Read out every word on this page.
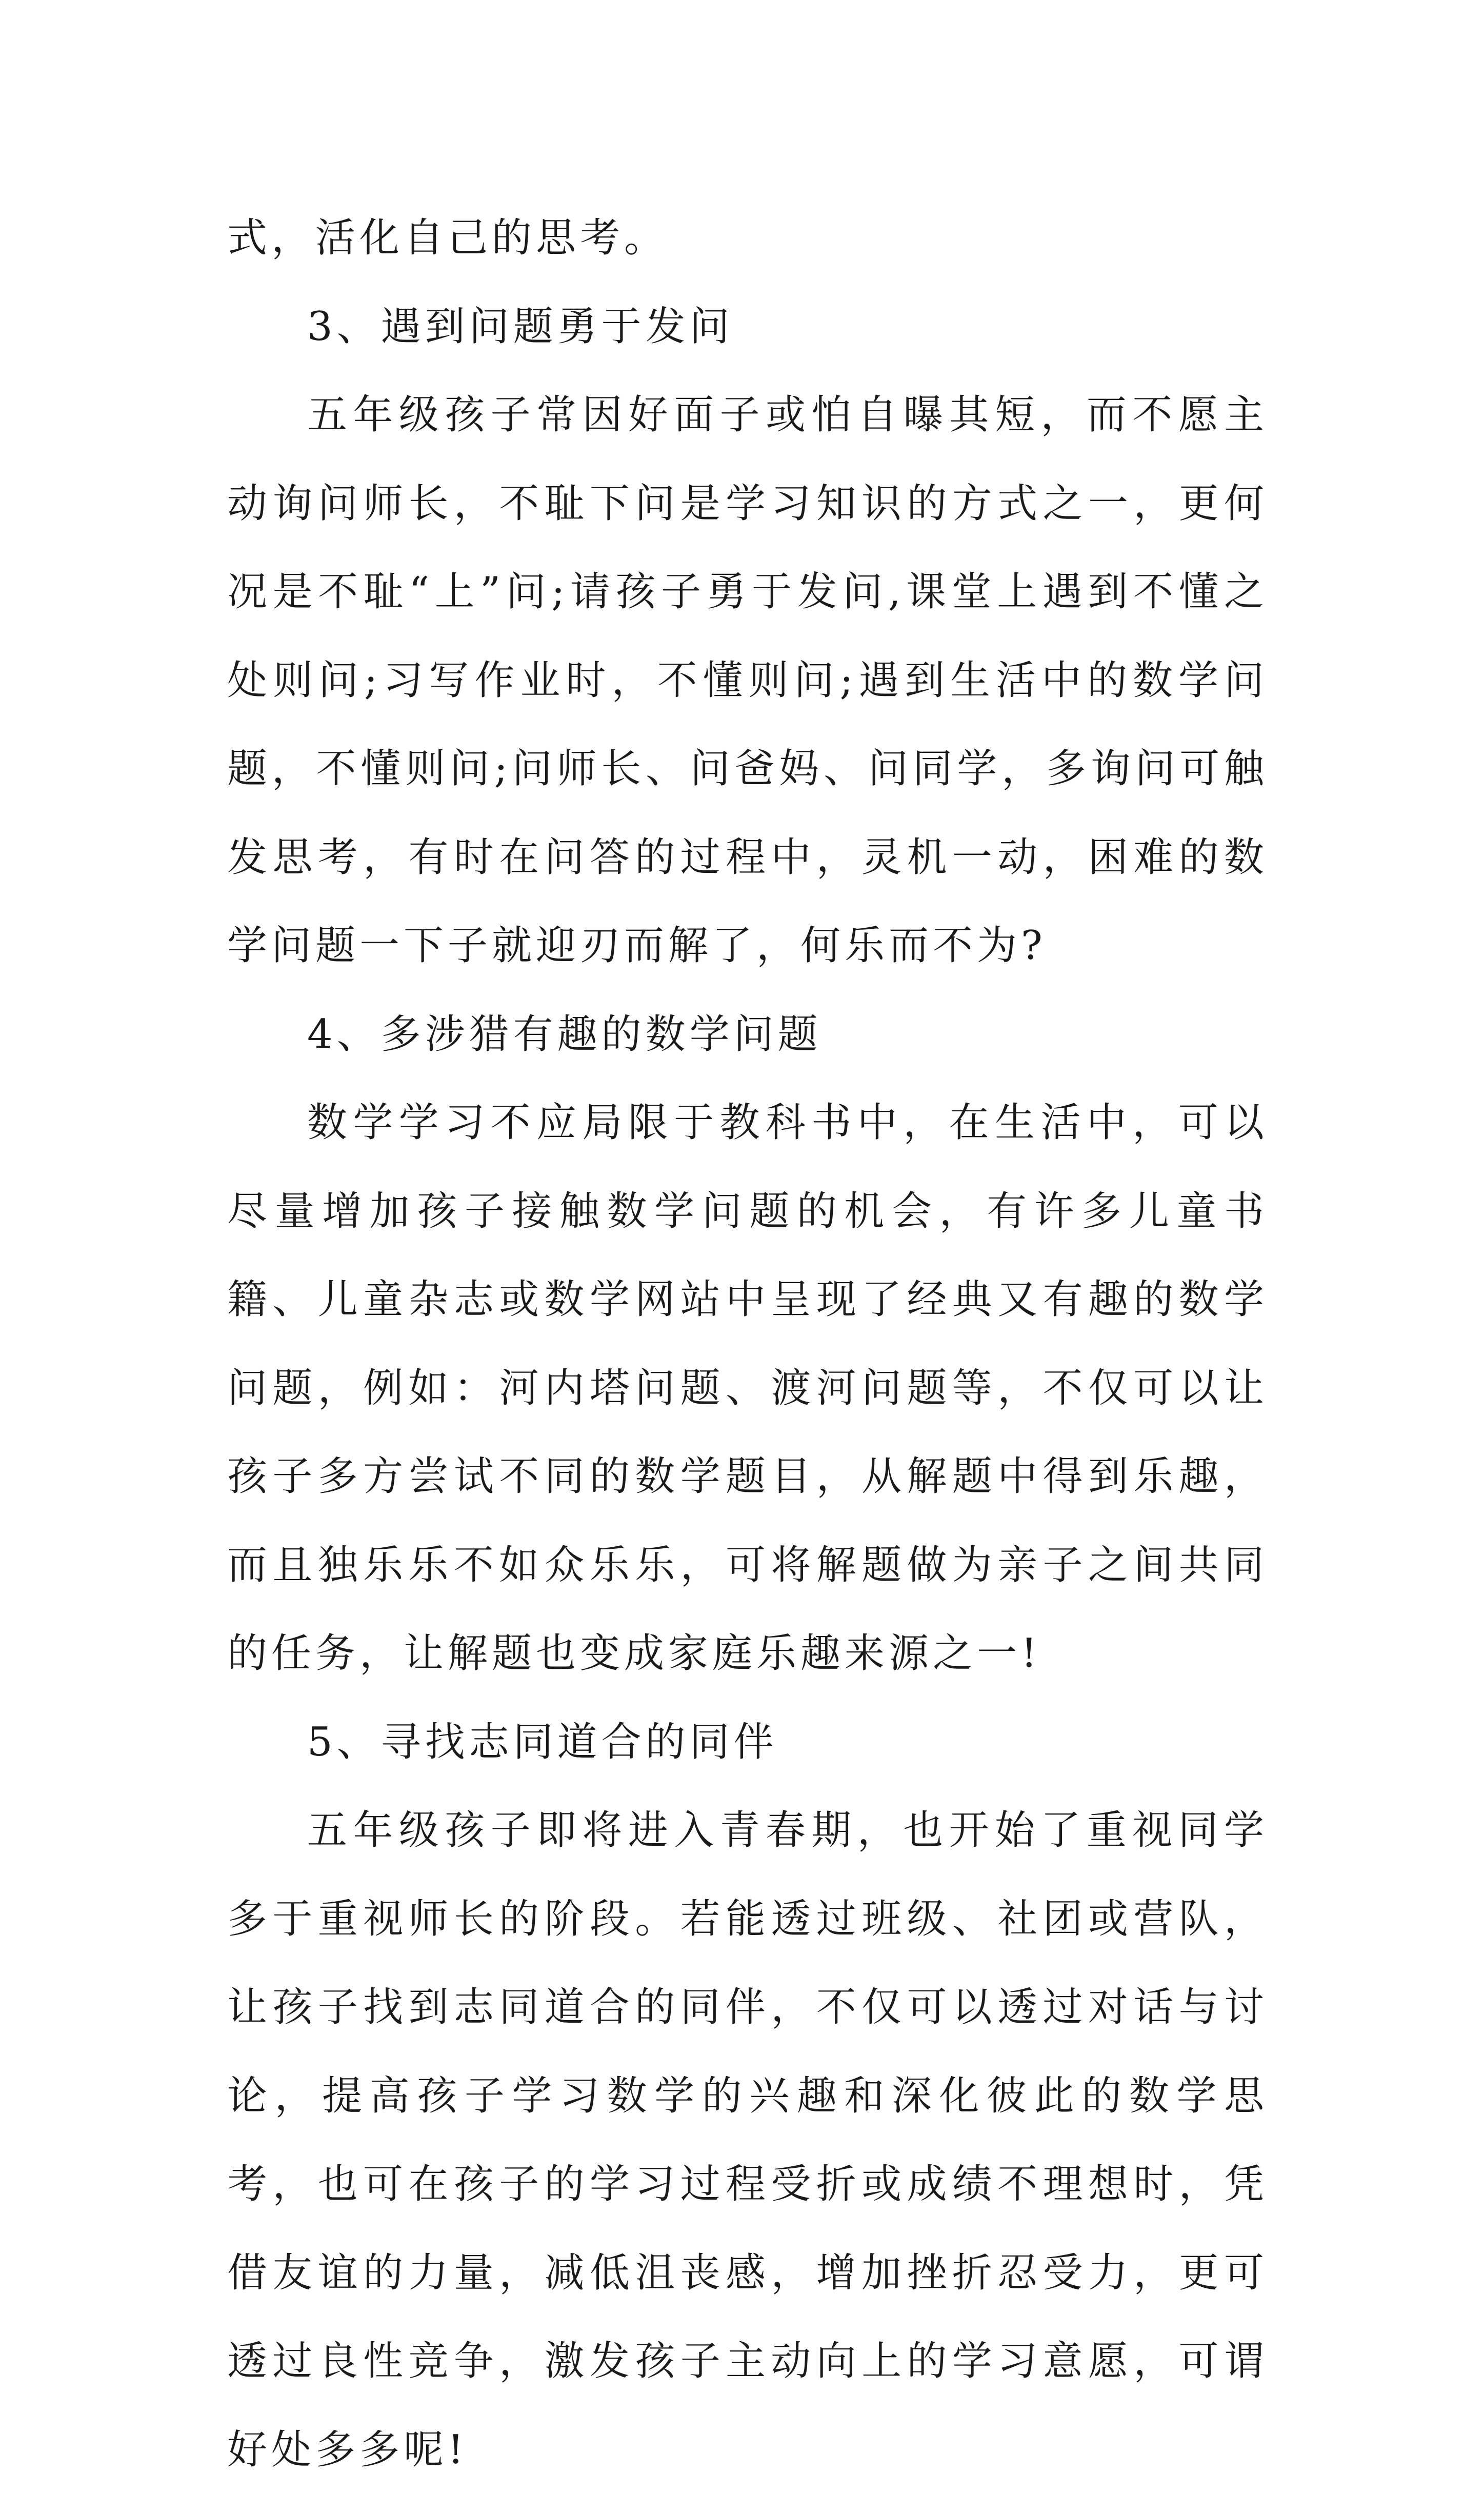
式，活化自己的思考。

3、遇到问题勇于发问

五年级孩子常因好面子或怕自曝其短，而不愿主动询问师长，不耻下问是学习知识的方式之一，更何况是不耻“上”问;请孩子勇于发问,课堂上遇到不懂之处则问;习写作业时，不懂则问;遇到生活中的数学问题，不懂则问;问师长、问爸妈、问同学，多询问可触发思考，有时在问答的过程中，灵机一动，困难的数学问题一下子就迎刃而解了，何乐而不为?

4、多涉猎有趣的数学问题

数学学习不应局限于教科书中，在生活中，可以尽量增加孩子接触数学问题的机会，有许多儿童书籍、儿童杂志或数学网站中呈现了经典又有趣的数学问题，例如：河内塔问题、渡河问题等，不仅可以让孩子多方尝试不同的数学题目，从解题中得到乐趣，而且独乐乐不如众乐乐，可将解题做为亲子之间共同的任务，让解题也变成家庭乐趣来源之一!

5、寻找志同道合的同伴

五年级孩子即将进入青春期，也开始了重视同学多于重视师长的阶段。若能透过班级、社团或营队，让孩子找到志同道合的同伴，不仅可以透过对话与讨论，提高孩子学习数学的兴趣和深化彼此的数学思考，也可在孩子的学习过程受折或成绩不理想时，凭借友谊的力量，减低沮丧感，增加挫折忍受力，更可透过良性竞争，激发孩子主动向上的学习意愿，可谓好处多多呢!
